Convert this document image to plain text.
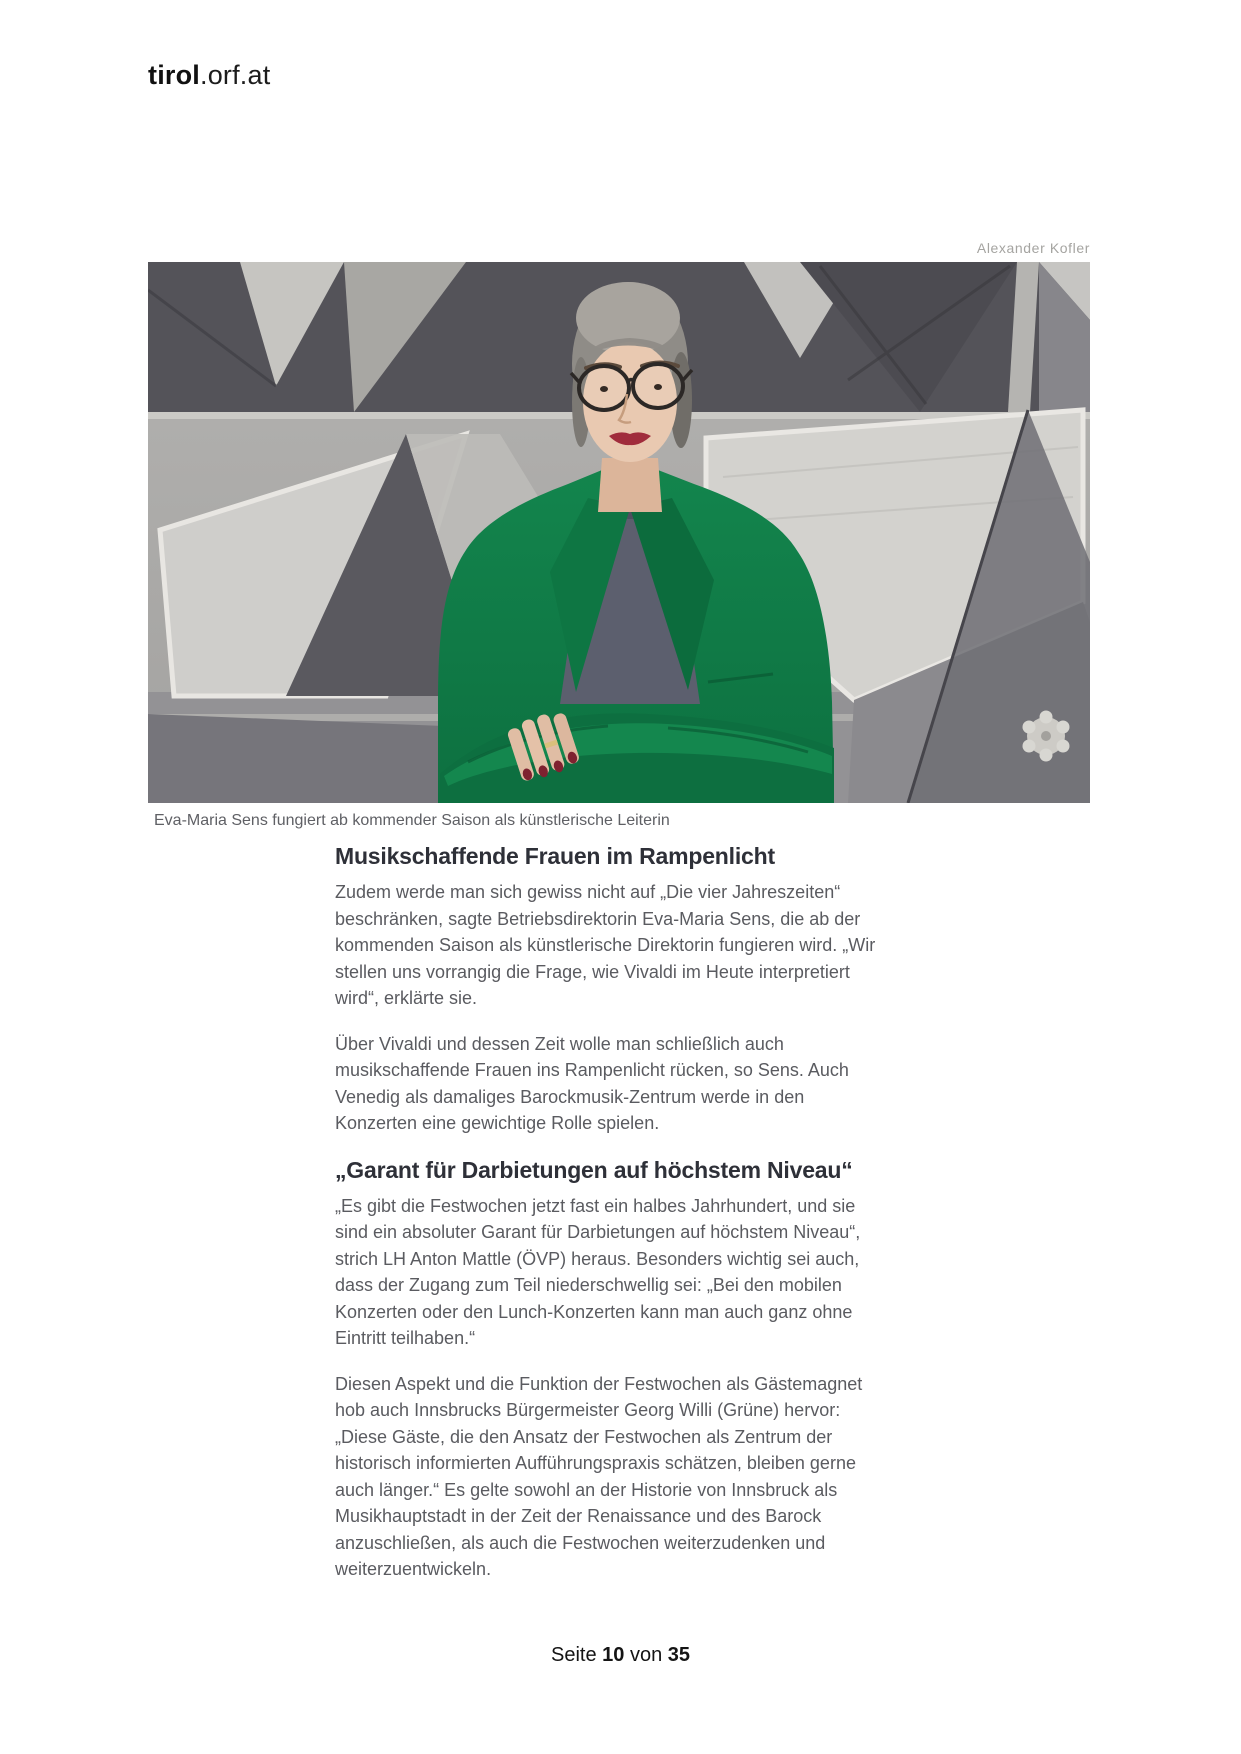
tirol.orf.at
Alexander Kofler
Eva-Maria Sens fungiert ab kommender Saison als künstlerische Leiterin
Musikschaffende Frauen im Rampenlicht

Zudem werde man sich gewiss nicht auf „Die vier Jahreszeiten“ beschränken, sagte Betriebsdirektorin Eva-Maria Sens, die ab der kommenden Saison als künstlerische Direktorin fungieren wird. „Wir stellen uns vorrangig die Frage, wie Vivaldi im Heute interpretiert wird“, erklärte sie.

Über Vivaldi und dessen Zeit wolle man schließlich auch musikschaffende Frauen ins Rampenlicht rücken, so Sens. Auch Venedig als damaliges Barockmusik-Zentrum werde in den Konzerten eine gewichtige Rolle spielen.

„Garant für Darbietungen auf höchstem Niveau“

„Es gibt die Festwochen jetzt fast ein halbes Jahrhundert, und sie sind ein absoluter Garant für Darbietungen auf höchstem Niveau“, strich LH Anton Mattle (ÖVP) heraus. Besonders wichtig sei auch, dass der Zugang zum Teil niederschwellig sei: „Bei den mobilen Konzerten oder den Lunch-Konzerten kann man auch ganz ohne Eintritt teilhaben.“

Diesen Aspekt und die Funktion der Festwochen als Gästemagnet hob auch Innsbrucks Bürgermeister Georg Willi (Grüne) hervor: „Diese Gäste, die den Ansatz der Festwochen als Zentrum der historisch informierten Aufführungspraxis schätzen, bleiben gerne auch länger.“ Es gelte sowohl an der Historie von Innsbruck als Musikhauptstadt in der Zeit der Renaissance und des Barock anzuschließen, als auch die Festwochen weiterzudenken und weiterzuentwickeln.

Seite 10 von 35
